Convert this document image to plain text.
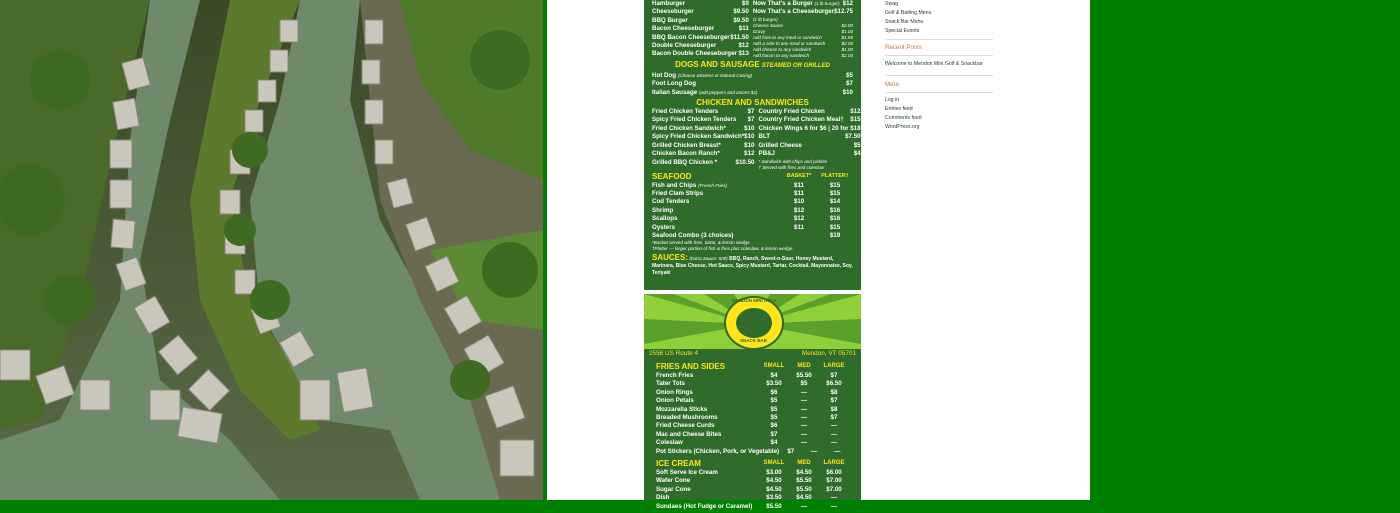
Hamburger	$9
Cheeseburger	$9.50
BBQ Burger	$9.50
Bacon Cheeseburger	$11
BBQ Bacon Cheeseburger $11.50
Double Cheeseburger	$12
Bacon Double Cheeseburger $13
Now That's a Burger (1 lb burger) $12
Now That's a Cheeseburger $12.75
(1 lb burger)
Cheese Sauce	$2.00
Gravy	$1.00
Add fries to any meal or sandwich	$1.50
Add a side to any meal or sandwich	$2.00
Add cheese to any sandwich	$1.00
Add bacon to any sandwich	$2.00
DOGS AND SAUSAGE STEAMED OR GRILLED
Hot Dog (Choose Skinless or Natural Casing)	$5
Foot Long Dog	$7
Italian Sausage (add peppers and onions $1)	$10
CHICKEN AND SANDWICHES
Fried Chicken Tenders	$7
Spicy Fried Chicken Tenders $7
Fried Chicken Sandwich*	$10
Spicy Fried Chicken Sandwich* $10
Grilled Chicken Breast*	$10
Chicken Bacon Ranch*	$12
Grilled BBQ Chicken *	$10.50
Country Fried Chicken	$12
Country Fried Chicken Meal† $15
Chicken Wings 6 for $6 | 20 for $18
BLT	$7.50
Grilled Cheese	$5
PB&J	$4
* Sandwich with chips and pickles
† Served with fries and coleslaw
SEAFOOD	BASKET*	PLATTER†
Fish and Chips (French Fries)	$11	$15
Fried Clam Strips	$11	$15
Cod Tenders	$10	$14
Shrimp	$12	$16
Scallops	$12	$16
Oysters	$11	$15
Seafood Combo (3 choices)	$19
*Basket served with fries, tartar, & lemon wedge
†Platter — larger portion of fish & fries plus coleslaw, & lemon wedge
SAUCES: (Extra Sauce: 50¢) BBQ, Ranch, Sweet-n-Sour, Honey Mustard, Marinara, Blue Cheese, Hot Sauce, Spicy Mustard, Tartar, Cocktail, Mayonnaise, Soy, Teriyaki
MENDON MINI GOLF
SNACK BAR
2556 US Route 4	Mendon, VT 05701
FRIES AND SIDES	SMALL	MED	LARGE
French Fries	$4	$5.50	$7
Tater Tots	$3.50	$5	$6.50
Onion Rings	$6	—	$8
Onion Petals	$5	—	$7
Mozzarella Sticks	$5	—	$8
Breaded Mushrooms	$5	—	$7
Fried Cheese Curds	$6	—	—
Mac and Cheese Bites	$7	—	—
Coleslaw	$4	—	—
Pot Stickers (Chicken, Pork, or Vegetable)	$7	—	—
ICE CREAM	SMALL	MED	LARGE
Soft Serve Ice Cream	$3.00	$4.50	$6.00
Wafer Cone	$4.50	$5.50	$7.00
Sugar Cone	$4.50	$5.50	$7.00
Dish	$3.50	$4.50	—
Sundaes (Hot Fudge or Caramel)	$5.50	—	—
Swag
Golf & Batting Menu
Snack Bar Menu
Special Events
Recent Posts
Welcome to Mendon Mini Golf & Snackbar
Meta
Log in
Entries feed
Comments feed
WordPress.org
